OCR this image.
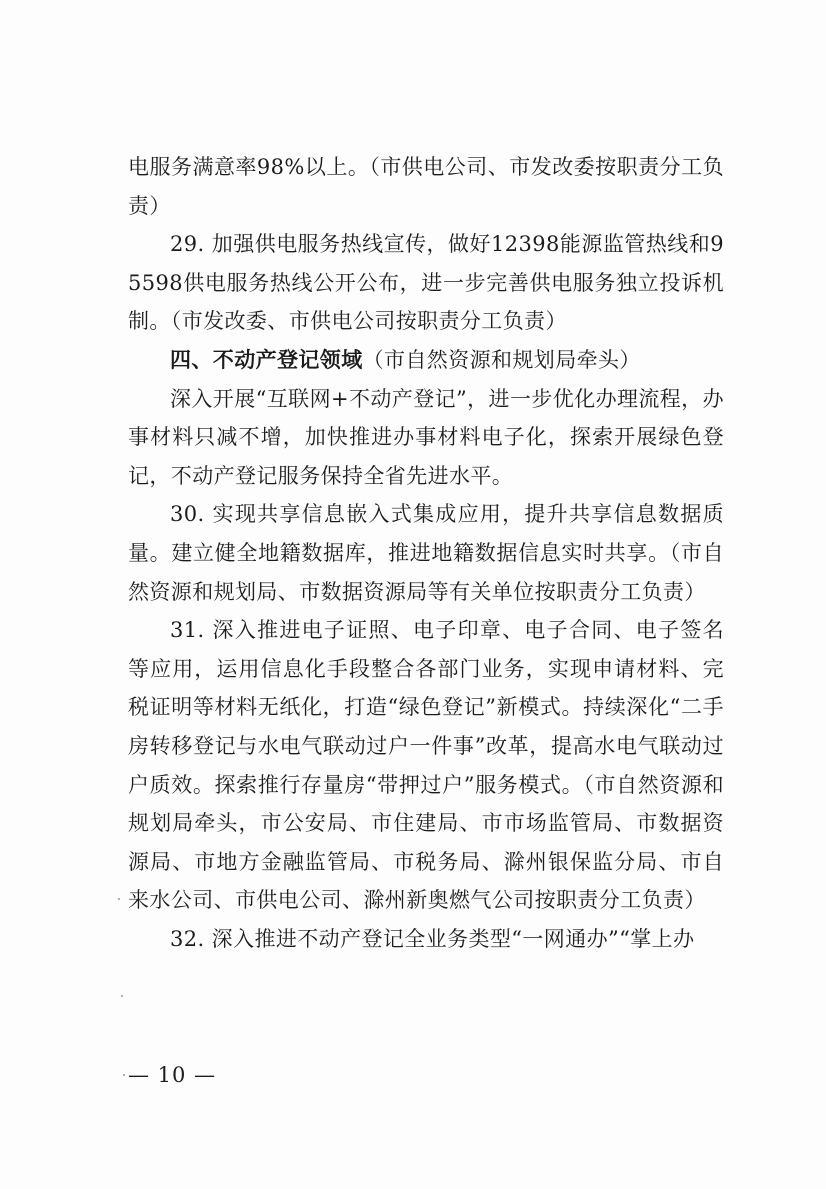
电服务满意率98%以上。（市供电公司、市发改委按职责分工负责）

29. 加强供电服务热线宣传，做好12398能源监管热线和95598供电服务热线公开公布，进一步完善供电服务独立投诉机制。（市发改委、市供电公司按职责分工负责）

四、不动产登记领域（市自然资源和规划局牵头）

深入开展“互联网+不动产登记”，进一步优化办理流程，办事材料只减不增，加快推进办事材料电子化，探索开展绿色登记，不动产登记服务保持全省先进水平。

30. 实现共享信息嵌入式集成应用，提升共享信息数据质量。建立健全地籍数据库，推进地籍数据信息实时共享。（市自然资源和规划局、市数据资源局等有关单位按职责分工负责）

31. 深入推进电子证照、电子印章、电子合同、电子签名等应用，运用信息化手段整合各部门业务，实现申请材料、完税证明等材料无纸化，打造“绿色登记”新模式。持续深化“二手房转移登记与水电气联动过户一件事”改革，提高水电气联动过户质效。探索推行存量房“带押过户”服务模式。（市自然资源和规划局牵头，市公安局、市住建局、市市场监管局、市数据资源局、市地方金融监管局、市税务局、滁州银保监分局、市自来水公司、市供电公司、滁州新奥燃气公司按职责分工负责）

32. 深入推进不动产登记全业务类型“一网通办”“掌上办

— 10 —
